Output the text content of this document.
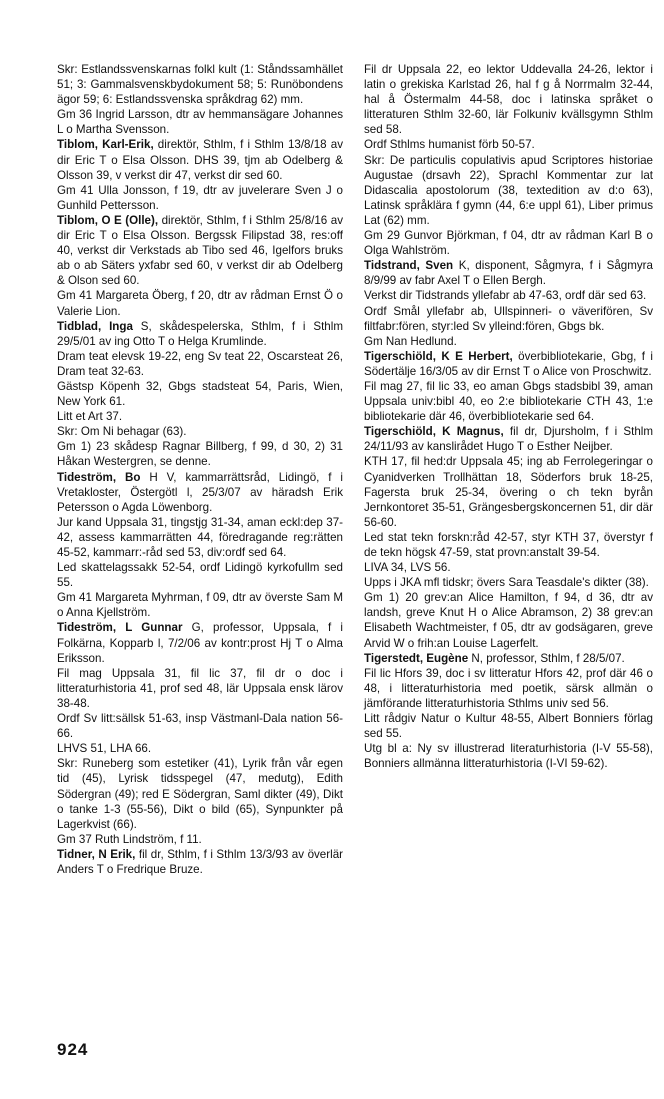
Skr: Estlandssvenskarnas folkl kult (1: Ståndssamhället 51; 3: Gammalsvenskbydokument 58; 5: Runöbondens ägor 59; 6: Estlandssvenska språkdrag 62) mm.

Gm 36 Ingrid Larsson, dtr av hemmansägare Johannes L o Martha Svensson.

Tiblom, Karl-Erik, direktör, Sthlm, f i Sthlm 13/8/18 av dir Eric T o Elsa Olsson. DHS 39, tjm ab Odelberg & Olsson 39, v verkst dir 47, verkst dir sed 60.

Gm 41 Ulla Jonsson, f 19, dtr av juvelerare Sven J o Gunhild Pettersson.

Tiblom, O E (Olle), direktör, Sthlm, f i Sthlm 25/8/16 av dir Eric T o Elsa Olsson. Bergssk Filipstad 38, res:off 40, verkst dir Verkstads ab Tibo sed 46, Igelfors bruks ab o ab Säters yxfabr sed 60, v verkst dir ab Odelberg & Olson sed 60.

Gm 41 Margareta Öberg, f 20, dtr av rådman Ernst Ö o Valerie Lion.

Tidblad, Inga S, skådespelerska, Sthlm, f i Sthlm 29/5/01 av ing Otto T o Helga Krumlinde.

Dram teat elevsk 19-22, eng Sv teat 22, Oscarsteat 26, Dram teat 32-63.

Gästsp Köpenh 32, Gbgs stadsteat 54, Paris, Wien, New York 61.

Litt et Art 37.

Skr: Om Ni behagar (63).

Gm 1) 23 skådesp Ragnar Billberg, f 99, d 30, 2) 31 Håkan Westergren, se denne.

Tideström, Bo H V, kammarrättsråd, Lidingö, f i Vretakloster, Östergötl l, 25/3/07 av häradsh Erik Petersson o Agda Löwenborg.

Jur kand Uppsala 31, tingstjg 31-34, aman eckl:dep 37-42, assess kammarrätten 44, föredragande reg:rätten 45-52, kammarr:-råd sed 53, div:ordf sed 64.

Led skattelagssakk 52-54, ordf Lidingö kyrkofullm sed 55.

Gm 41 Margareta Myhrman, f 09, dtr av överste Sam M o Anna Kjellström.

Tideström, L Gunnar G, professor, Uppsala, f i Folkärna, Kopparb l, 7/2/06 av kontr:prost Hj T o Alma Eriksson.

Fil mag Uppsala 31, fil lic 37, fil dr o doc i litteraturhistoria 41, prof sed 48, lär Uppsala ensk lärov 38-48.

Ordf Sv litt:sällsk 51-63, insp Västmanl-Dala nation 56-66.

LHVS 51, LHA 66.

Skr: Runeberg som estetiker (41), Lyrik från vår egen tid (45), Lyrisk tidsspegel (47, medutg), Edith Södergran (49); red E Södergran, Saml dikter (49), Dikt o tanke 1-3 (55-56), Dikt o bild (65), Synpunkter på Lagerkvist (66).

Gm 37 Ruth Lindström, f 11.

Tidner, N Erik, fil dr, Sthlm, f i Sthlm 13/3/93 av överlär Anders T o Fredrique Bruze.

Fil dr Uppsala 22, eo lektor Uddevalla 24-26, lektor i latin o grekiska Karlstad 26, hal f g å Norrmalm 32-44, hal å Östermalm 44-58, doc i latinska språket o litteraturen Sthlm 32-60, lär Folkuniv kvällsgymn Sthlm sed 58.

Ordf Sthlms humanist förb 50-57.

Skr: De particulis copulativis apud Scriptores historiae Augustae (drsavh 22), Sprachl Kommentar zur lat Didascalia apostolorum (38, textedition av d:o 63), Latinsk språklära f gymn (44, 6:e uppl 61), Liber primus Lat (62) mm.

Gm 29 Gunvor Björkman, f 04, dtr av rådman Karl B o Olga Wahlström.

Tidstrand, Sven K, disponent, Sågmyra, f i Sågmyra 8/9/99 av fabr Axel T o Ellen Bergh.

Verkst dir Tidstrands yllefabr ab 47-63, ordf där sed 63.

Ordf Smål yllefabr ab, Ullspinneri- o väverifören, Sv filtfabr:fören, styr:led Sv ylleind:fören, Gbgs bk.

Gm Nan Hedlund.

Tigerschiöld, K E Herbert, överbibliotekarie, Gbg, f i Södertälje 16/3/05 av dir Ernst T o Alice von Proschwitz.

Fil mag 27, fil lic 33, eo aman Gbgs stadsbibl 39, aman Uppsala univ:bibl 40, eo 2:e bibliotekarie CTH 43, 1:e bibliotekarie där 46, överbibliotekarie sed 64.

Tigerschiöld, K Magnus, fil dr, Djursholm, f i Sthlm 24/11/93 av kanslirådet Hugo T o Esther Neijber.

KTH 17, fil hed:dr Uppsala 45; ing ab Ferrolegeringar o Cyanidverken Trollhättan 18, Söderfors bruk 18-25, Fagersta bruk 25-34, övering o ch tekn byrån Jernkontoret 35-51, Grängesbergskoncernen 51, dir där 56-60.

Led stat tekn forskn:råd 42-57, styr KTH 37, överstyr f de tekn högsk 47-59, stat provn:anstalt 39-54.

LIVA 34, LVS 56.

Upps i JKA mfl tidskr; övers Sara Teasdale's dikter (38).

Gm 1) 20 grev:an Alice Hamilton, f 94, d 36, dtr av landsh, greve Knut H o Alice Abramson, 2) 38 grev:an Elisabeth Wachtmeister, f 05, dtr av godsägaren, greve Arvid W o frih:an Louise Lagerfelt.

Tigerstedt, Eugène N, professor, Sthlm, f 28/5/07.

Fil lic Hfors 39, doc i sv litteratur Hfors 42, prof där 46 o 48, i litteraturhistoria med poetik, särsk allmän o jämförande litteraturhistoria Sthlms univ sed 56.

Litt rådgiv Natur o Kultur 48-55, Albert Bonniers förlag sed 55.

Utg bl a: Ny sv illustrerad literaturhistoria (I-V 55-58), Bonniers allmänna litteraturhistoria (I-VI 59-62).

924
